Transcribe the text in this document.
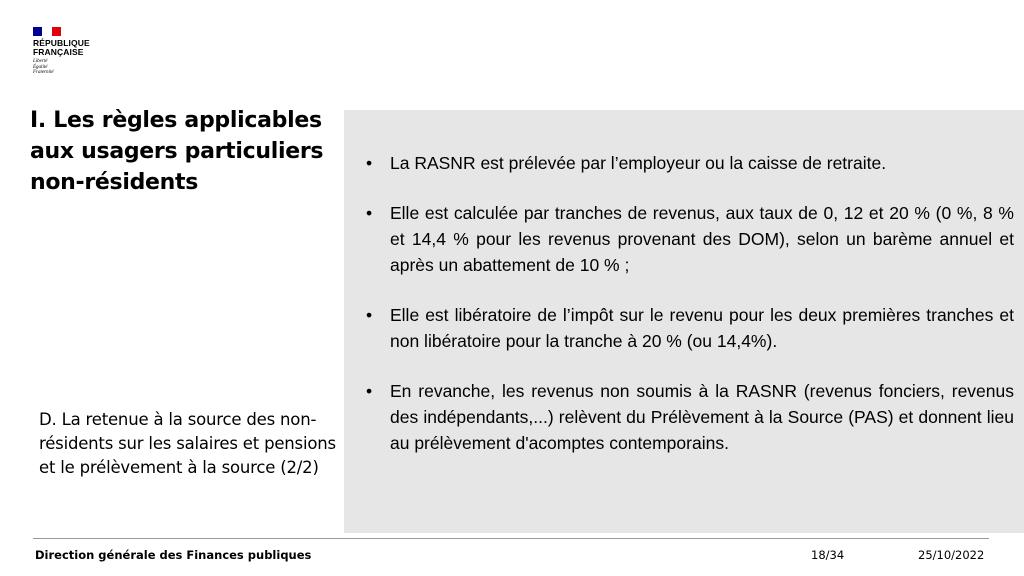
RÉPUBLIQUE
FRANÇAISE
Liberté
Égalité
Fraternité
I. Les règles applicables aux usagers particuliers non-résidents

D. La retenue à la source des non-résidents sur les salaires et pensions et le prélèvement à la source (2/2)

•	La RASNR est prélevée par l’employeur ou la caisse de retraite.
•	Elle est calculée par tranches de revenus, aux taux de 0, 12 et 20 % (0 %, 8 % et 14,4 % pour les revenus provenant des DOM), selon un barème annuel et après un abattement de 10 % ;
•	Elle est libératoire de l’impôt sur le revenu pour les deux premières tranches et non libératoire pour la tranche à 20 % (ou 14,4%).
•	En revanche, les revenus non soumis à la RASNR (revenus fonciers, revenus des indépendants,...) relèvent du Prélèvement à la Source (PAS) et donnent lieu au prélèvement d'acomptes contemporains.
Direction générale des Finances publiques	18/34	25/10/2022
